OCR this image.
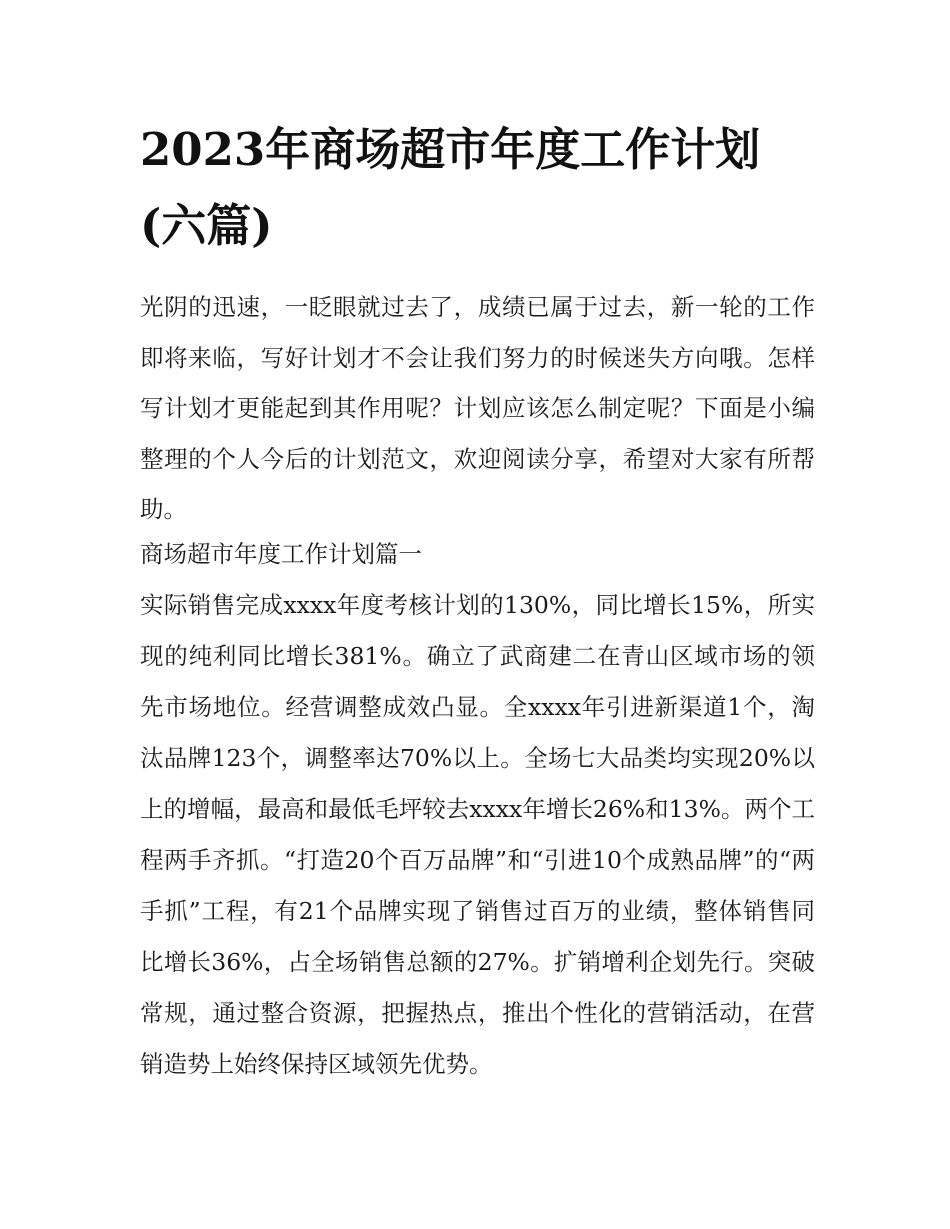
2023年商场超市年度工作计划(六篇)

光阴的迅速，一眨眼就过去了，成绩已属于过去，新一轮的工作即将来临，写好计划才不会让我们努力的时候迷失方向哦。怎样写计划才更能起到其作用呢？计划应该怎么制定呢？下面是小编整理的个人今后的计划范文，欢迎阅读分享，希望对大家有所帮助。

商场超市年度工作计划篇一

实际销售完成xxxx年度考核计划的130%，同比增长15%，所实现的纯利同比增长381%。确立了武商建二在青山区域市场的领先市场地位。经营调整成效凸显。全xxxx年引进新渠道1个，淘汰品牌123个，调整率达70%以上。全场七大品类均实现20%以上的增幅，最高和最低毛坪较去xxxx年增长26%和13%。两个工程两手齐抓。“打造20个百万品牌”和“引进10个成熟品牌”的“两手抓”工程，有21个品牌实现了销售过百万的业绩，整体销售同比增长36%，占全场销售总额的27%。扩销增利企划先行。突破常规，通过整合资源，把握热点，推出个性化的营销活动，在营销造势上始终保持区域领先优势。
